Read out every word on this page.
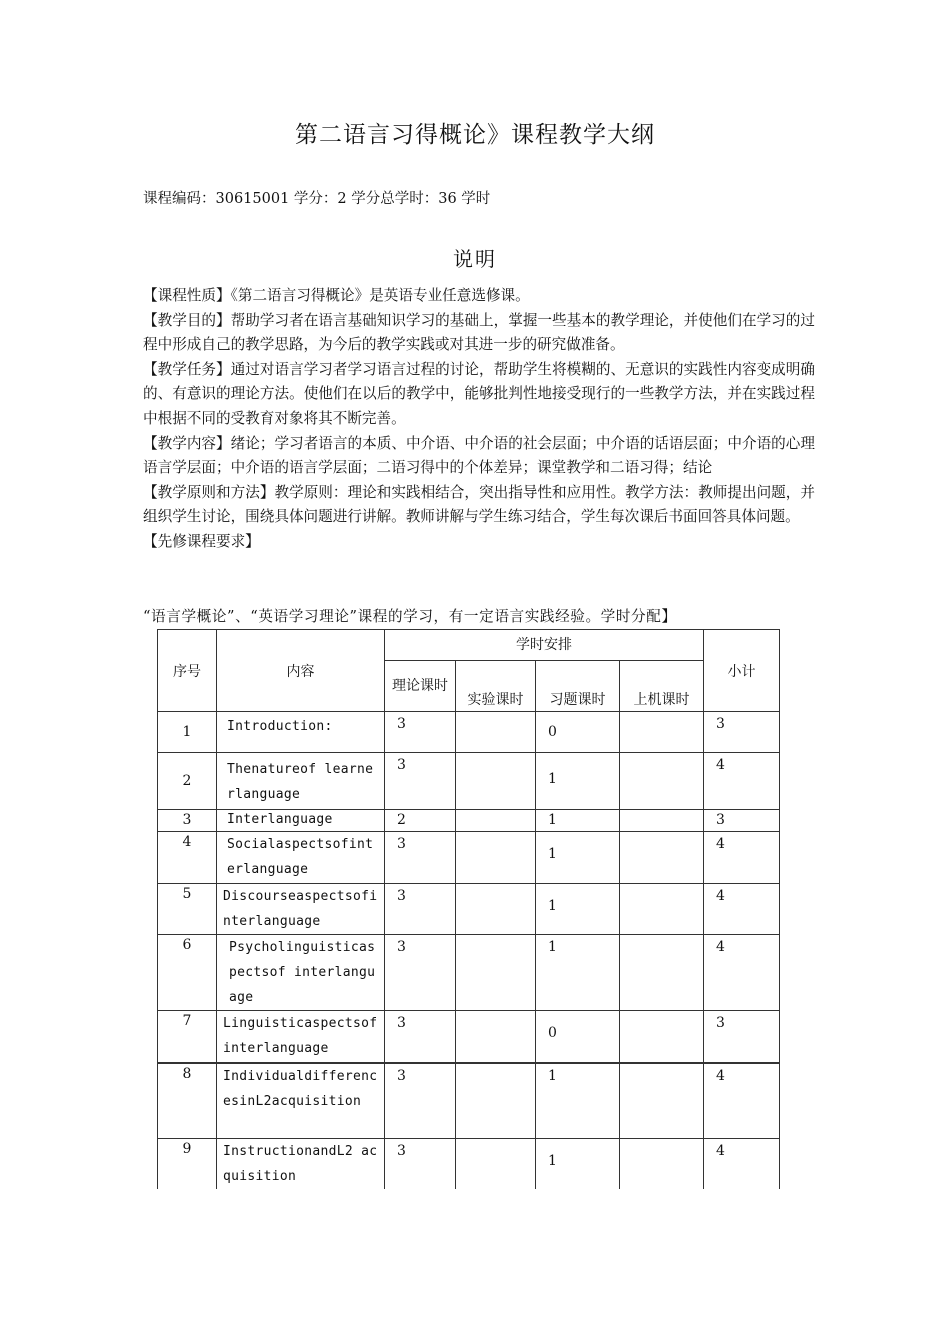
第二语言习得概论》课程教学大纲
课程编码：30615001 学分：2 学分总学时：36 学时
说明

【课程性质】《第二语言习得概论》是英语专业任意选修课。

【教学目的】帮助学习者在语言基础知识学习的基础上，掌握一些基本的教学理论，并使他们在学习的过程中形成自己的教学思路，为今后的教学实践或对其进一步的研究做准备。

【教学任务】通过对语言学习者学习语言过程的讨论，帮助学生将模糊的、无意识的实践性内容变成明确的、有意识的理论方法。使他们在以后的教学中，能够批判性地接受现行的一些教学方法，并在实践过程中根据不同的受教育对象将其不断完善。

【教学内容】绪论；学习者语言的本质、中介语、中介语的社会层面；中介语的话语层面；中介语的心理语言学层面；中介语的语言学层面；二语习得中的个体差异；课堂教学和二语习得；结论

【教学原则和方法】教学原则：理论和实践相结合，突出指导性和应用性。教学方法：教师提出问题，并组织学生讨论，围绕具体问题进行讲解。教师讲解与学生练习结合，学生每次课后书面回答具体问题。

【先修课程要求】

“语言学概论”、“英语学习理论”课程的学习，有一定语言实践经验。学时分配】
序号	内容	学时安排				小计
		理论课时	实验课时	习题课时	上机课时	
1	Introduction:	3		0		3
2	Thenatureof learnerlanguage	3		1		4
3	Interlanguage	2		1		3
4	Socialaspectsofinterlanguage	3		1		4
5	Discourseaspectsofinterlanguage	3		1		4
6	Psycholinguisticaspectsof interlanguage	3		1		4
7	Linguisticaspectsofinterlanguage	3		0		3
8	IndividualdifferencesinL2acquisition	3		1		4
9	InstructionandL2 acquisition	3		1		4
